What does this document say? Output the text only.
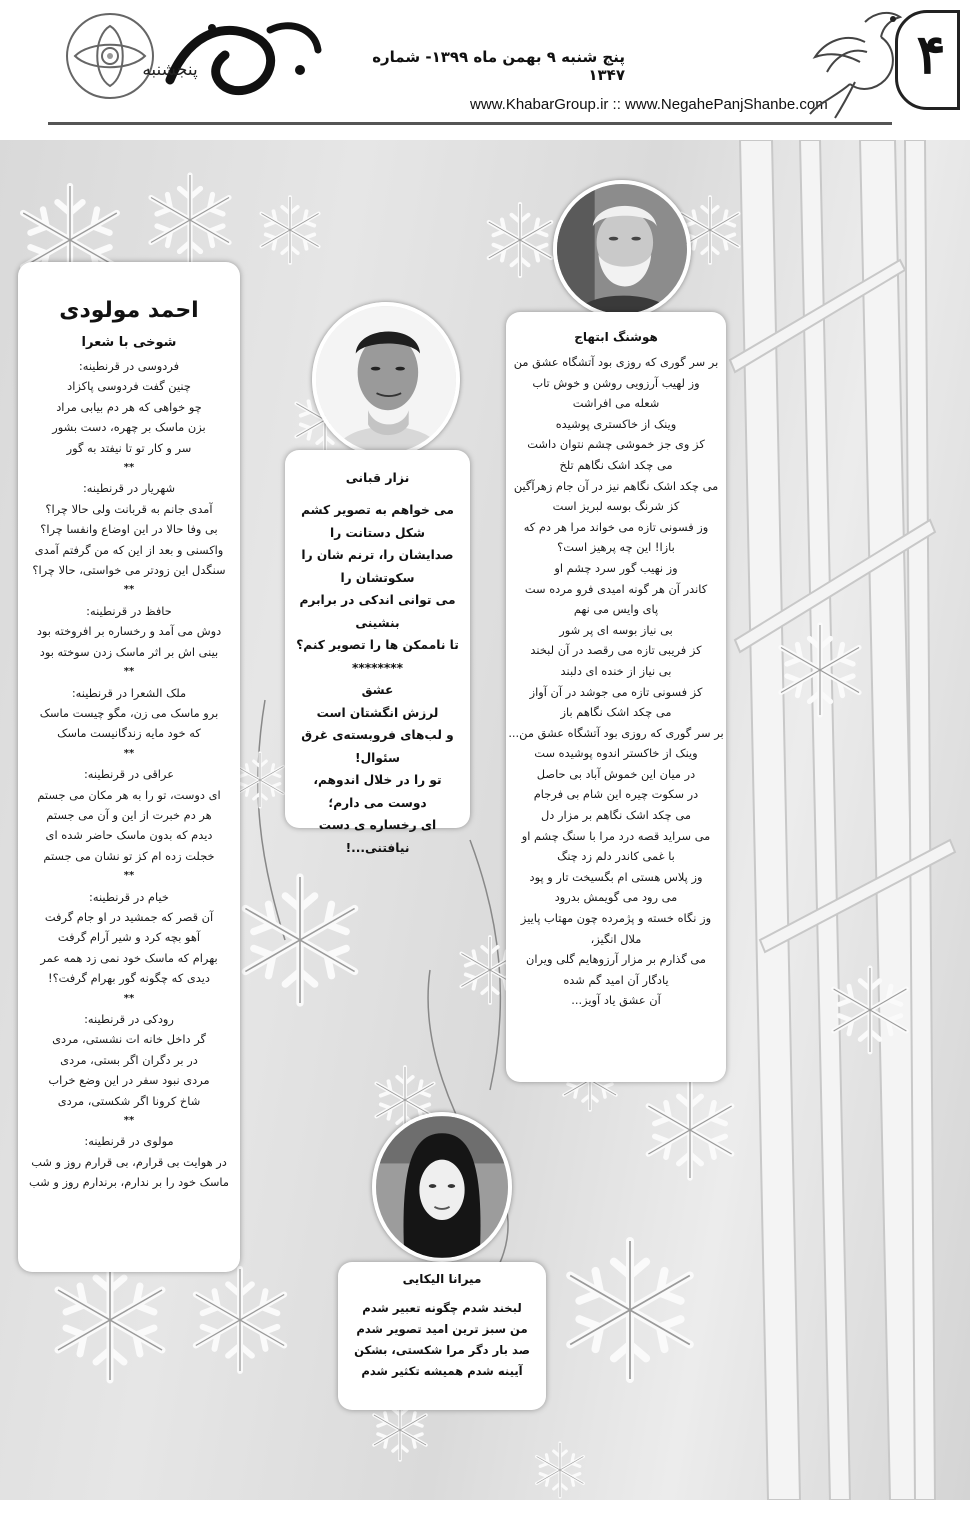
پنجشنبه
پنج شنبه ۹ بهمن ماه ۱۳۹۹- شماره ۱۳۴۷
www.KhabarGroup.ir :: www.NegahePanjShanbe.com
۴
احمد مولودی
شوخی با شعرا
فردوسی در قرنطینه:
چنین گفت فردوسی پاکزاد
چو خواهی که هر دم بیابی مراد
بزن ماسک بر چهره، دست بشور
سر و کار تو تا نیفتد به گور
**
شهریار در قرنطینه:
آمدی جانم به قربانت ولی حالا چرا؟
بی وفا حالا در این اوضاع وانفسا چرا؟
واکسنی و بعد از این که من گرفتم آمدی
سنگدل این زودتر می خواستی، حالا چرا؟
**
حافظ در قرنطینه:
دوش می آمد و رخساره بر افروخته بود
بینی اش بر اثر ماسک زدن سوخته بود
**
ملک الشعرا در قرنطینه:
برو ماسک می زن، مگو چیست ماسک
که خود مایه زندگانیست ماسک
**
عراقی در قرنطینه:
ای دوست، تو را به هر مکان می جستم
هر دم خبرت از این و آن می جستم
دیدم که بدون ماسک حاضر شده ای
خجلت زده ام کز تو نشان می جستم
**
خیام در قرنطینه:
آن قصر که جمشید در او جام گرفت
آهو بچه کرد و شیر آرام گرفت
بهرام که ماسک خود نمی زد همه عمر
دیدی که چگونه گور بهرام گرفت؟!
**
رودکی در قرنطینه:
گر داخل خانه ات نشستی، مردی
در بر دگران اگر بستی، مردی
مردی نبود سفر در این وضع خراب
شاخ کرونا اگر شکستی، مردی
**
مولوی در قرنطینه:
در هوایت بی قرارم، بی قرارم روز و شب
ماسک خود را بر ندارم، برندارم روز و شب
هوشنگ ابتهاج
بر سر گوری که روزی بود آتشگاه عشق من
وز لهیب آرزویی روشن و خوش تاب
شعله می افراشت
وینک از خاکستری پوشیده
کز وی جز خموشی چشم نتوان داشت
می چکد اشک نگاهم تلخ
می چکد اشک نگاهم نیز در آن جام زهرآگین
کز شرنگ بوسه لبریز است
وز فسونی تازه می خواند مرا هر دم که
بازا! این چه پرهیز است؟
وز نهیب گور سرد چشم او
کاندر آن هر گونه امیدی فرو مرده ست
پای وایس می نهم
بی نیاز بوسه ای پر شور
کز فریبی تازه می رقصد در آن لبخند
بی نیاز از خنده ای دلبند
کز فسونی تازه می جوشد در آن آواز
می چکد اشک نگاهم باز
بر سر گوری که روزی بود آتشگاه عشق من...
وینک از خاکستر اندوه پوشیده ست
در میان این خموش آباد بی حاصل
در سکوت چیره این شام بی فرجام
می چکد اشک نگاهم بر مزار دل
می سراید قصه درد مرا با سنگ چشم او
با غمی کاندر دلم زد چنگ
وز پلاس هستی ام بگسیخت تار و پود
می رود می گویمش بدرود
وز نگاه خسته و پژمرده چون مهتاب پاییز
ملال انگیز،
می گذارم بر مزار آرزوهایم گلی ویران
یادگار آن امید گم شده
آن عشق یاد آویز...
نزار قبانی
می خواهم به تصویر کشم
شکل دستانت را
صدایشان را، ترنم شان را
سکوتشان را
می توانی اندکی در برابرم بنشینی
تا ناممکن ها را تصویر کنم؟
********
عشق
لرزش انگشتان است
و لب‌های فروبسته‌ی غرق سئوال!
تو را در خلال اندوهم،
دوست می دارم؛
ای رخساره ی دست نیافتنی...!
میرانا الیکایی
لبخند شدم چگونه تعبیر شدم
من سبز ترین امید تصویر شدم
صد بار دگر مرا شکستی، بشکن
آیینه شدم همیشه تکثیر شدم
